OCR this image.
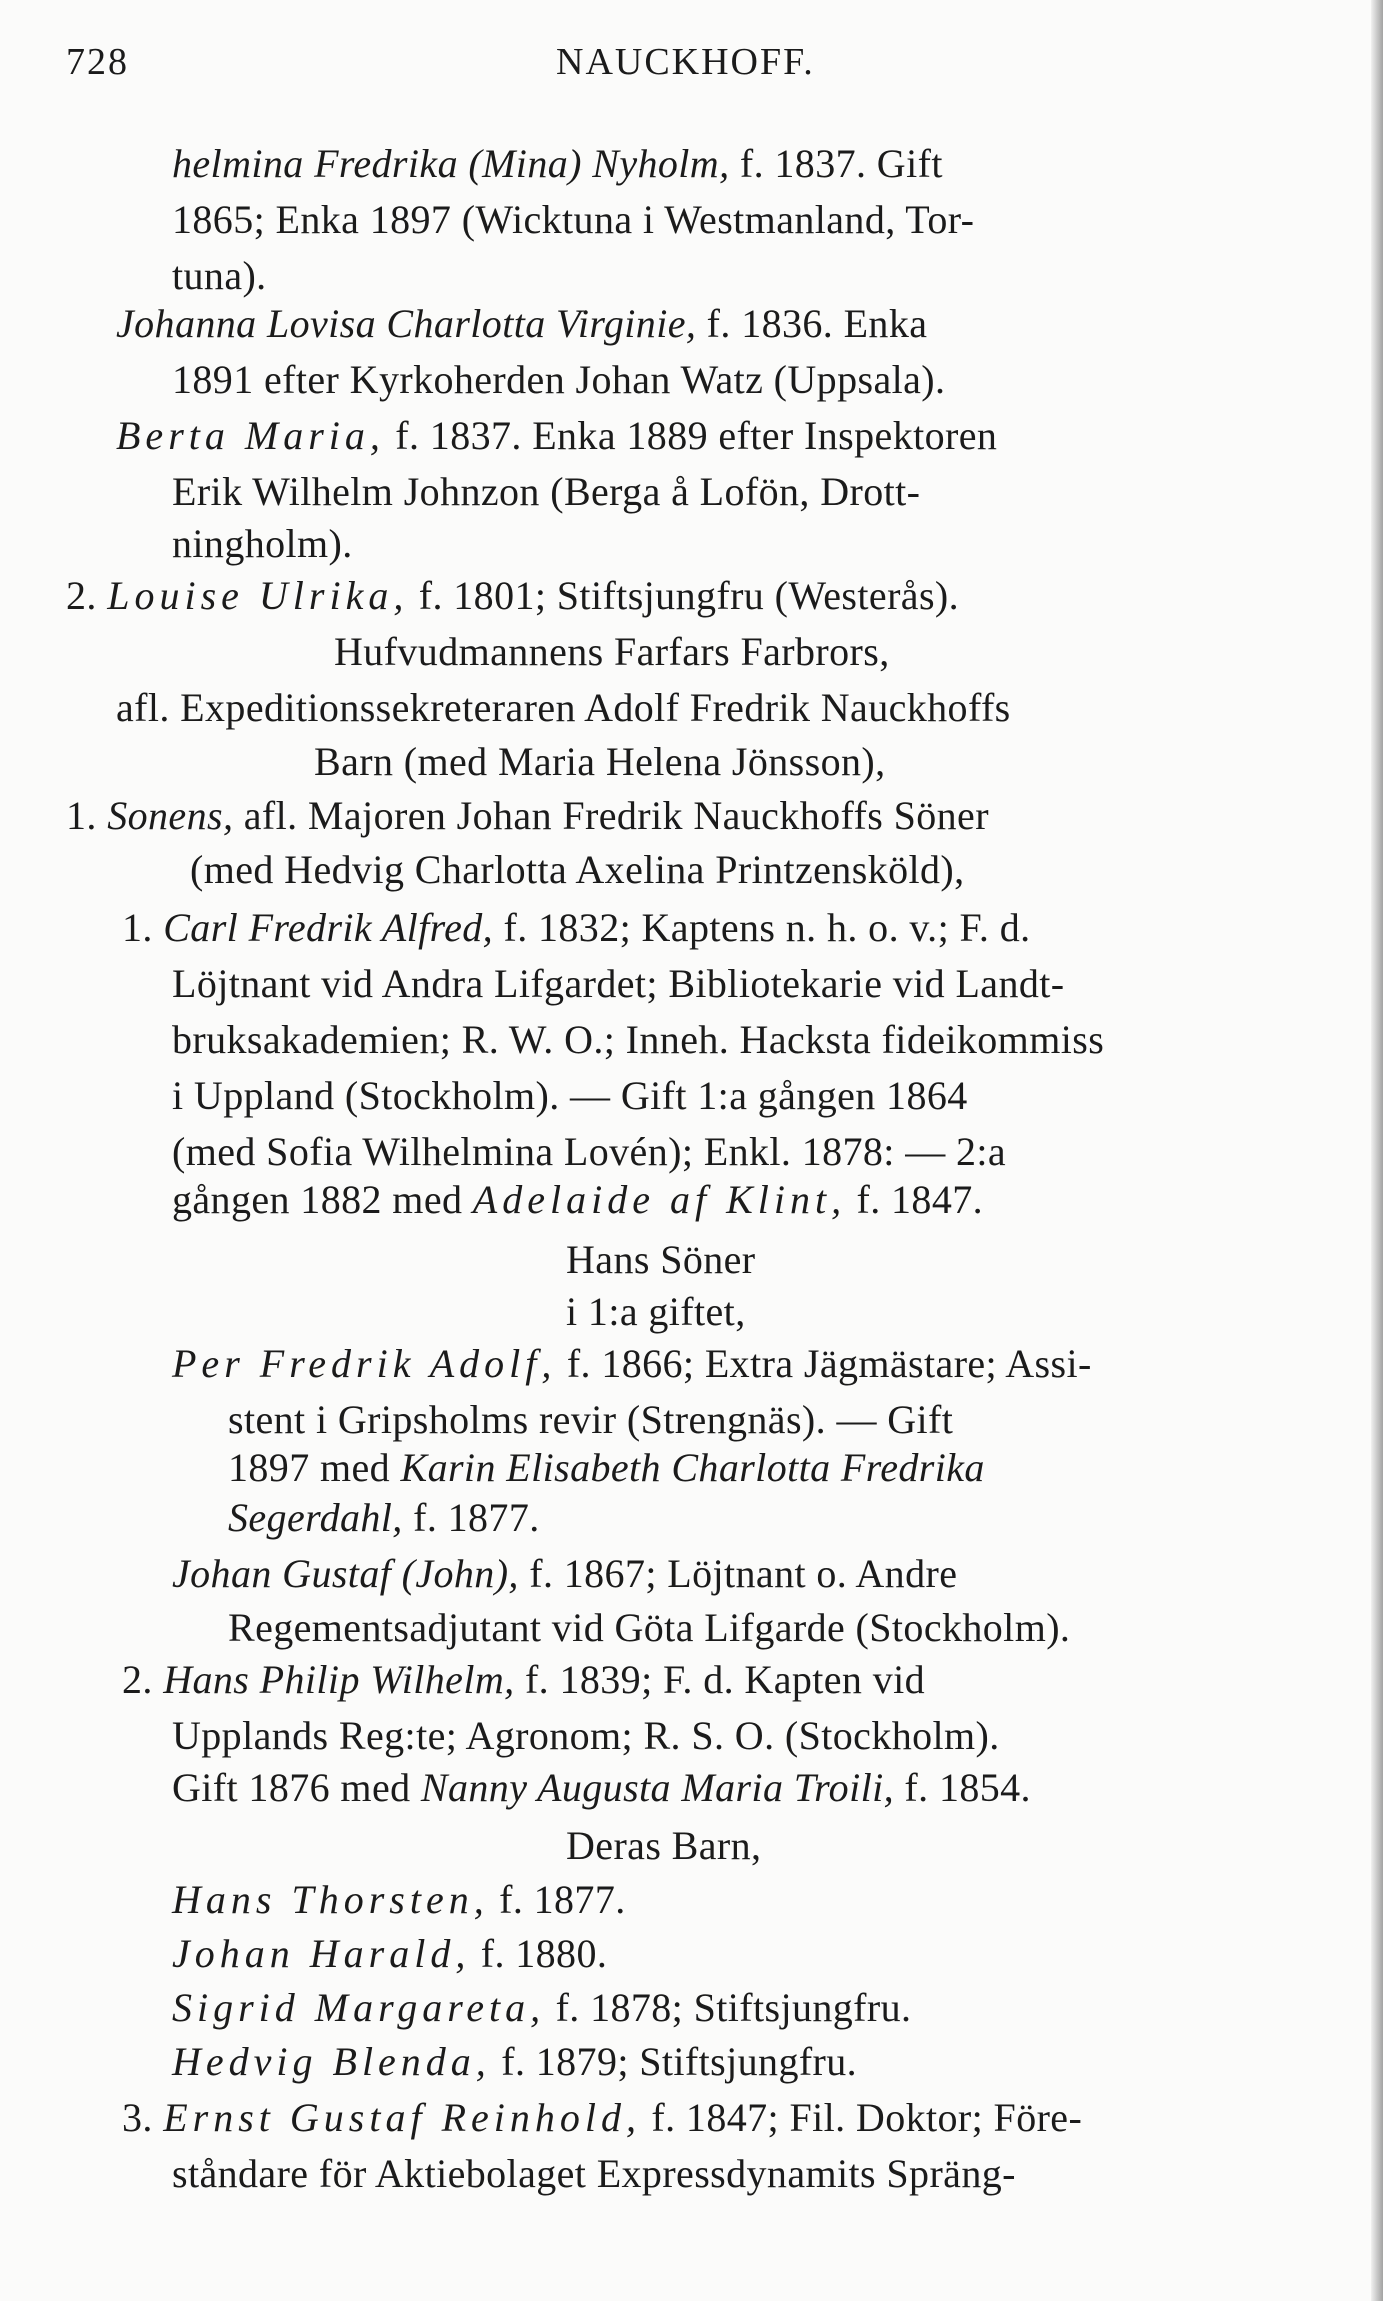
728	NAUCKHOFF.
helmina Fredrika (Mina) Nyholm, f. 1837. Gift
1865; Enka 1897 (Wicktuna i Westmanland, Tor-
tuna).
Johanna Lovisa Charlotta Virginie, f. 1836. Enka
1891 efter Kyrkoherden Johan Watz (Uppsala).
Berta Maria, f. 1837. Enka 1889 efter Inspektoren
Erik Wilhelm Johnzon (Berga å Lofön, Drott-
ningholm).
2. Louise Ulrika, f. 1801; Stiftsjungfru (Westerås).
Hufvudmannens Farfars Farbrors,
afl. Expeditionssekreteraren Adolf Fredrik Nauckhoffs
Barn (med Maria Helena Jönsson),
1. Sonens, afl. Majoren Johan Fredrik Nauckhoffs Söner
(med Hedvig Charlotta Axelina Printzensköld),
1. Carl Fredrik Alfred, f. 1832; Kaptens n. h. o. v.; F. d.
Löjtnant vid Andra Lifgardet; Bibliotekarie vid Landt-
bruksakademien; R. W. O.; Inneh. Hacksta fideikommiss
i Uppland (Stockholm). — Gift 1:a gången 1864
(med Sofia Wilhelmina Lovén); Enkl. 1878: — 2:a
gången 1882 med Adelaide af Klint, f. 1847.
Hans Söner
i 1:a giftet,
Per Fredrik Adolf, f. 1866; Extra Jägmästare; Assi-
stent i Gripsholms revir (Strengnäs). — Gift
1897 med Karin Elisabeth Charlotta Fredrika
Segerdahl, f. 1877.
Johan Gustaf (John), f. 1867; Löjtnant o. Andre
Regementsadjutant vid Göta Lifgarde (Stockholm).
2. Hans Philip Wilhelm, f. 1839; F. d. Kapten vid
Upplands Reg:te; Agronom; R. S. O. (Stockholm).
Gift 1876 med Nanny Augusta Maria Troili, f. 1854.
Deras Barn,
Hans Thorsten, f. 1877.
Johan Harald, f. 1880.
Sigrid Margareta, f. 1878; Stiftsjungfru.
Hedvig Blenda, f. 1879; Stiftsjungfru.
3. Ernst Gustaf Reinhold, f. 1847; Fil. Doktor; Före-
ståndare för Aktiebolaget Expressdynamits Spräng-
